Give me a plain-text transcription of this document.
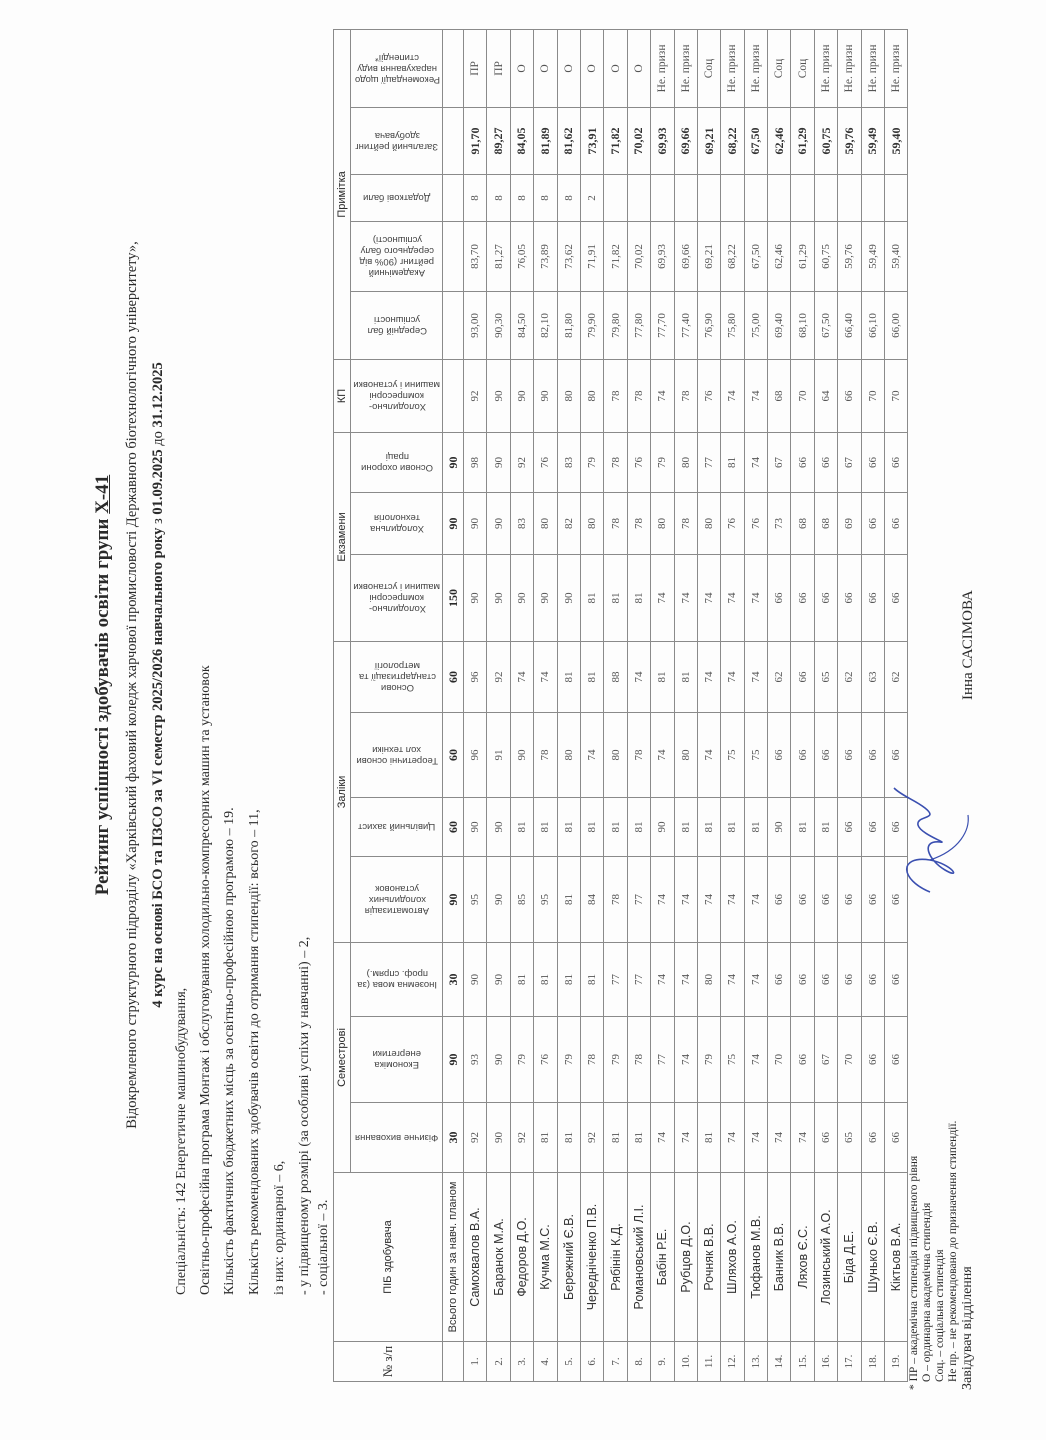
Рейтинг успішності здобувачів освіти групи Х-41 Відокремленого структурного підрозділу «Харківський фаховий коледж харчової промисловості Державного біотехнологічного університету», 4 курс на основі БСО та ПЗСО за VI семестр 2025/2026 навчального року з 01.09.2025 до 31.12.2025
Спеціальність: 142 Енергетичне машинобудування, Освітньо-професійна програма Монтаж і обслуговування холодильно-компресорних машин та установок Кількість фактичних бюджетних місць за освітньо-професійною програмою – 19. Кількість рекомендованих здобувачів освіти до отримання стипендії: всього – 11, із них: ординарної – 6, - у підвищеному розмірі (за особливі успіхи у навчанні) – 2, - соціальної – 3.
№ з/п	ПІБ здобувача	Семестрові			Заліки				Екзамени			КП	Примітка				

		Фізичне виховання	Економіка енергетики	Іноземна мова (за проф. спрям.)	Автоматизація холодильних установок	Цивільний захист	Теоретичні основи хол техніки	Основи стандартизації та метрології	Холодильно-компресорні машини і установки	Холодильна технологія	Основи охорони праці	Холодильно-компресорні машини і установки	Середній бал успішності	Академічний рейтинг (90% від середнього балу успішності)	Додаткові бали	Загальний рейтинг здобувача	Рекомендації щодо нарахування виду стипендії*

	Всього годин за навч. планом	30	90	30	90	60	60	60	150	90	90						
1.	Самохвалов В.А.	92	93	90	95	90	96	96	90	90	98	92	93,00	83,70	8	91,70	ПР
2.	Баранок М.А.	90	90	90	90	90	91	92	90	90	90	90	90,30	81,27	8	89,27	ПР
3.	Федоров Д.О.	92	79	81	85	81	90	74	90	83	92	90	84,50	76,05	8	84,05	О
4.	Кучма М.С.	81	76	81	95	81	78	74	90	80	76	90	82,10	73,89	8	81,89	О
5.	Бережний Є.В.	81	79	81	81	81	80	81	90	82	83	80	81,80	73,62	8	81,62	О
6.	Чередніченко П.В.	92	78	81	84	81	74	81	81	80	79	80	79,90	71,91	2	73,91	О
7.	Рябінін К.Д.	81	79	77	78	81	80	88	81	78	78	78	79,80	71,82		71,82	О
8.	Романовський Л.І.	81	78	77	77	81	78	74	81	78	76	78	77,80	70,02		70,02	О
9.	Бабін Р.Е.	74	77	74	74	90	74	81	74	80	79	74	77,70	69,93		69,93	Не. призн
10.	Рубцов Д.О.	74	74	74	74	81	80	81	74	78	80	78	77,40	69,66		69,66	Не. призн
11.	Рочняк В.В.	81	79	80	74	81	74	74	74	80	77	76	76,90	69,21		69,21	Соц
12.	Шляхов А.О.	74	75	74	74	81	75	74	74	76	81	74	75,80	68,22		68,22	Не. призн
13.	Тюфанов М.В.	74	74	74	74	81	75	74	74	76	74	74	75,00	67,50		67,50	Не. призн
14.	Банник В.В.	74	70	66	66	90	66	62	66	73	67	68	69,40	62,46		62,46	Соц
15.	Ляхов Є.С.	74	66	66	66	81	66	66	66	68	66	70	68,10	61,29		61,29	Соц
16.	Лозинський А.О.	66	67	66	66	81	66	65	66	68	66	64	67,50	60,75		60,75	Не. призн
17.	Біда Д.Е.	65	70	66	66	66	66	62	66	69	67	66	66,40	59,76		59,76	Не. призн
18.	Шунько Є.В.	66	66	66	66	66	66	63	66	66	66	70	66,10	59,49		59,49	Не. призн
19.	Кіктьов В.А.	66	66	66	66	66	66	62	66	66	66	70	66,00	59,40		59,40	Не. призн
* ПР – академічна стипендія підвищеного рівня О – ординарна академічна стипендія Соц. – соціальна стипендія Не пр. – не рекомендовано до призначення стипендії. Завідувач відділення
Інна САСІМОВА
